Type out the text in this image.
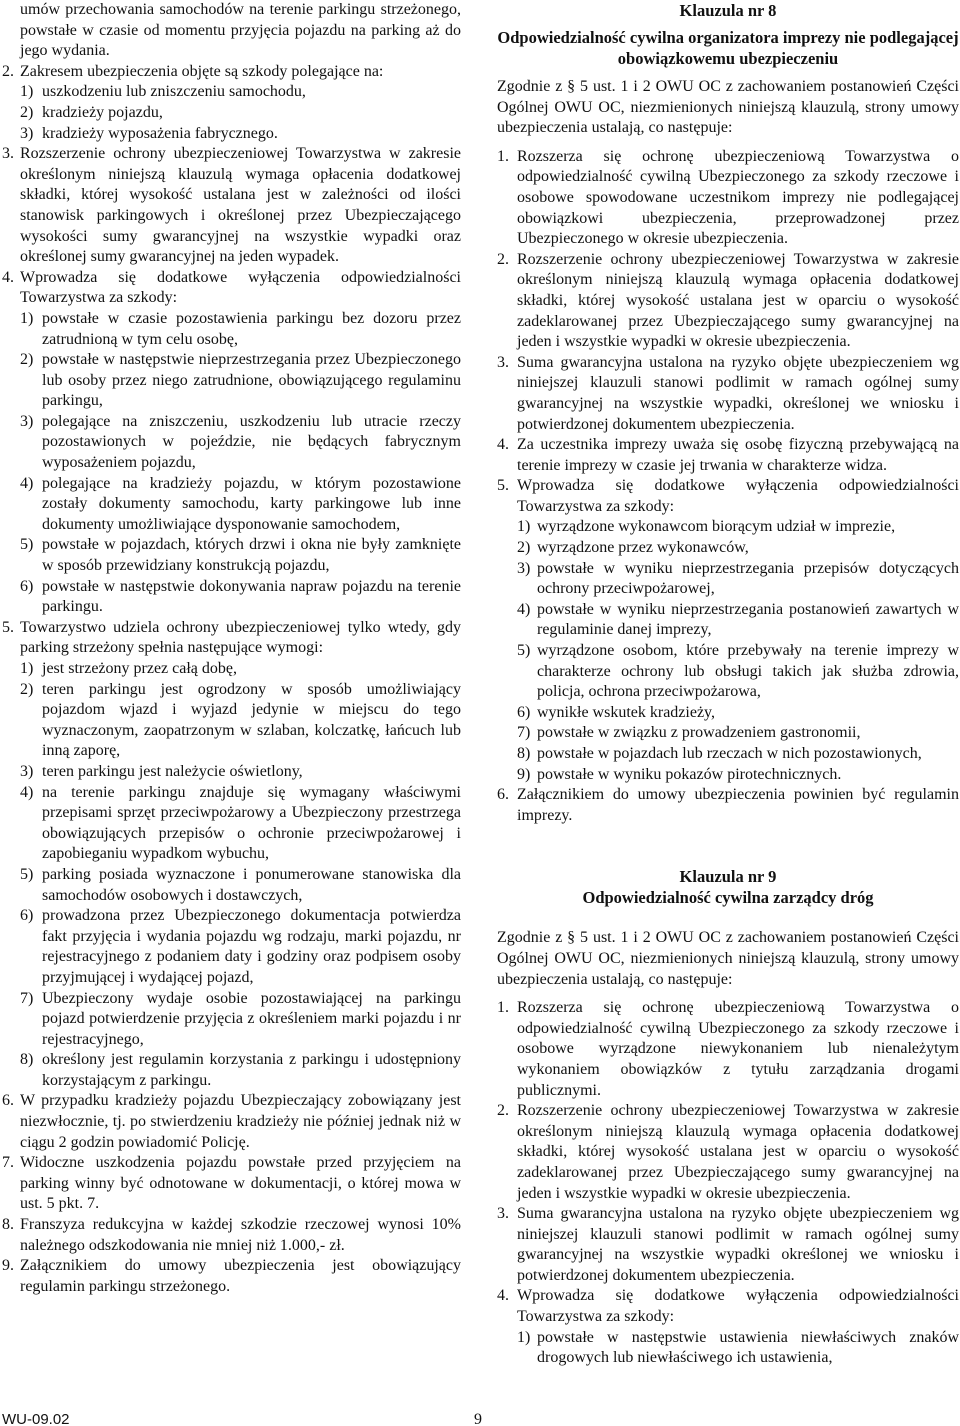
umów przechowania samochodów na terenie parkingu strzeżonego, powstałe w czasie od momentu przyjęcia pojazdu na parking aż do jego wydania.

2. Zakresem ubezpieczenia objęte są szkody polegające na:
1) uszkodzeniu lub zniszczeniu samochodu,
2) kradzieży pojazdu,
3) kradzieży wyposażenia fabrycznego.
3. Rozszerzenie ochrony ubezpieczeniowej Towarzystwa w zakresie określonym niniejszą klauzulą wymaga opłacenia dodatkowej składki, której wysokość ustalana jest w zależności od ilości stanowisk parkingowych i określonej przez Ubezpieczającego wysokości sumy gwarancyjnej na wszystkie wypadki oraz określonej sumy gwarancyjnej na jeden wypadek.
4. Wprowadza się dodatkowe wyłączenia odpowiedzialności Towarzystwa za szkody:
1) powstałe w czasie pozostawienia parkingu bez dozoru przez zatrudnioną w tym celu osobę,
2) powstałe w następstwie nieprzestrzegania przez Ubezpieczonego lub osoby przez niego zatrudnione, obowiązującego regulaminu parkingu,
3) polegające na zniszczeniu, uszkodzeniu lub utracie rzeczy pozostawionych w pojeździe, nie będących fabrycznym wyposażeniem pojazdu,
4) polegające na kradzieży pojazdu, w którym pozostawione zostały dokumenty samochodu, karty parkingowe lub inne dokumenty umożliwiające dysponowanie samochodem,
5) powstałe w pojazdach, których drzwi i okna nie były zamknięte w sposób przewidziany konstrukcją pojazdu,
6) powstałe w następstwie dokonywania napraw pojazdu na terenie parkingu.
5. Towarzystwo udziela ochrony ubezpieczeniowej tylko wtedy, gdy parking strzeżony spełnia następujące wymogi:
1) jest strzeżony przez całą dobę,
2) teren parkingu jest ogrodzony w sposób umożliwiający pojazdom wjazd i wyjazd jedynie w miejscu do tego wyznaczonym, zaopatrzonym w szlaban, kolczatkę, łańcuch lub inną zaporę,
3) teren parkingu jest należycie oświetlony,
4) na terenie parkingu znajduje się wymagany właściwymi przepisami sprzęt przeciwpożarowy a Ubezpieczony przestrzega obowiązujących przepisów o ochronie przeciwpożarowej i zapobieganiu wypadkom wybuchu,
5) parking posiada wyznaczone i ponumerowane stanowiska dla samochodów osobowych i dostawczych,
6) prowadzona przez Ubezpieczonego dokumentacja potwierdza fakt przyjęcia i wydania pojazdu wg rodzaju, marki pojazdu, nr rejestracyjnego z podaniem daty i godziny oraz podpisem osoby przyjmującej i wydającej pojazd,
7) Ubezpieczony wydaje osobie pozostawiającej na parkingu pojazd potwierdzenie przyjęcia z określeniem marki pojazdu i nr rejestracyjnego,
8) określony jest regulamin korzystania z parkingu i udostępniony korzystającym z parkingu.
6. W przypadku kradzieży pojazdu Ubezpieczający zobowiązany jest niezwłocznie, tj. po stwierdzeniu kradzieży nie później jednak niż w ciągu 2 godzin powiadomić Policję.
7. Widoczne uszkodzenia pojazdu powstałe przed przyjęciem na parking winny być odnotowane w dokumentacji, o której mowa w ust. 5 pkt. 7.
8. Franszyza redukcyjna w każdej szkodzie rzeczowej wynosi 10% należnego odszkodowania nie mniej niż 1.000,- zł.
9. Załącznikiem do umowy ubezpieczenia jest obowiązujący regulamin parkingu strzeżonego.
Klauzula nr 8
Odpowiedzialność cywilna organizatora imprezy nie podlegającej obowiązkowemu ubezpieczeniu

Zgodnie z § 5 ust. 1 i 2 OWU OC z zachowaniem postanowień Części Ogólnej OWU OC, niezmienionych niniejszą klauzulą, strony umowy ubezpieczenia ustalają, co następuje:

1. Rozszerza się ochronę ubezpieczeniową Towarzystwa o odpowiedzialność cywilną Ubezpieczonego za szkody rzeczowe i osobowe spowodowane uczestnikom imprezy nie podlegającej obowiązkowi ubezpieczenia, przeprowadzonej przez Ubezpieczonego w okresie ubezpieczenia.
2. Rozszerzenie ochrony ubezpieczeniowej Towarzystwa w zakresie określonym niniejszą klauzulą wymaga opłacenia dodatkowej składki, której wysokość ustalana jest w oparciu o wysokość zadeklarowanej przez Ubezpieczającego sumy gwarancyjnej na jeden i wszystkie wypadki w okresie ubezpieczenia.
3. Suma gwarancyjna ustalona na ryzyko objęte ubezpieczeniem wg niniejszej klauzuli stanowi podlimit w ramach ogólnej sumy gwarancyjnej na wszystkie wypadki, określonej we wniosku i potwierdzonej dokumentem ubezpieczenia.
4. Za uczestnika imprezy uważa się osobę fizyczną przebywającą na terenie imprezy w czasie jej trwania w charakterze widza.
5. Wprowadza się dodatkowe wyłączenia odpowiedzialności Towarzystwa za szkody:
1) wyrządzone wykonawcom biorącym udział w imprezie,
2) wyrządzone przez wykonawców,
3) powstałe w wyniku nieprzestrzegania przepisów dotyczących ochrony przeciwpożarowej,
4) powstałe w wyniku nieprzestrzegania postanowień zawartych w regulaminie danej imprezy,
5) wyrządzone osobom, które przebywały na terenie imprezy w charakterze ochrony lub obsługi takich jak służba zdrowia, policja, ochrona przeciwpożarowa,
6) wynikłe wskutek kradzieży,
7) powstałe w związku z prowadzeniem gastronomii,
8) powstałe w pojazdach lub rzeczach w nich pozostawionych,
9) powstałe w wyniku pokazów pirotechnicznych.
6. Załącznikiem do umowy ubezpieczenia powinien być regulamin imprezy.
Klauzula nr 9
Odpowiedzialność cywilna zarządcy dróg

Zgodnie z § 5 ust. 1 i 2 OWU OC z zachowaniem postanowień Części Ogólnej OWU OC, niezmienionych niniejszą klauzulą, strony umowy ubezpieczenia ustalają, co następuje:

1. Rozszerza się ochronę ubezpieczeniową Towarzystwa o odpowiedzialność cywilną Ubezpieczonego za szkody rzeczowe i osobowe wyrządzone niewykonaniem lub nienależytym wykonaniem obowiązków z tytułu zarządzania drogami publicznymi.
2. Rozszerzenie ochrony ubezpieczeniowej Towarzystwa w zakresie określonym niniejszą klauzulą wymaga opłacenia dodatkowej składki, której wysokość ustalana jest w oparciu o wysokość zadeklarowanej przez Ubezpieczającego sumy gwarancyjnej na jeden i wszystkie wypadki w okresie ubezpieczenia.
3. Suma gwarancyjna ustalona na ryzyko objęte ubezpieczeniem wg niniejszej klauzuli stanowi podlimit w ramach ogólnej sumy gwarancyjnej na wszystkie wypadki określonej we wniosku i potwierdzonej dokumentem ubezpieczenia.
4. Wprowadza się dodatkowe wyłączenia odpowiedzialności Towarzystwa za szkody:
1) powstałe w następstwie ustawienia niewłaściwych znaków drogowych lub niewłaściwego ich ustawienia,
WU-09.02	9
